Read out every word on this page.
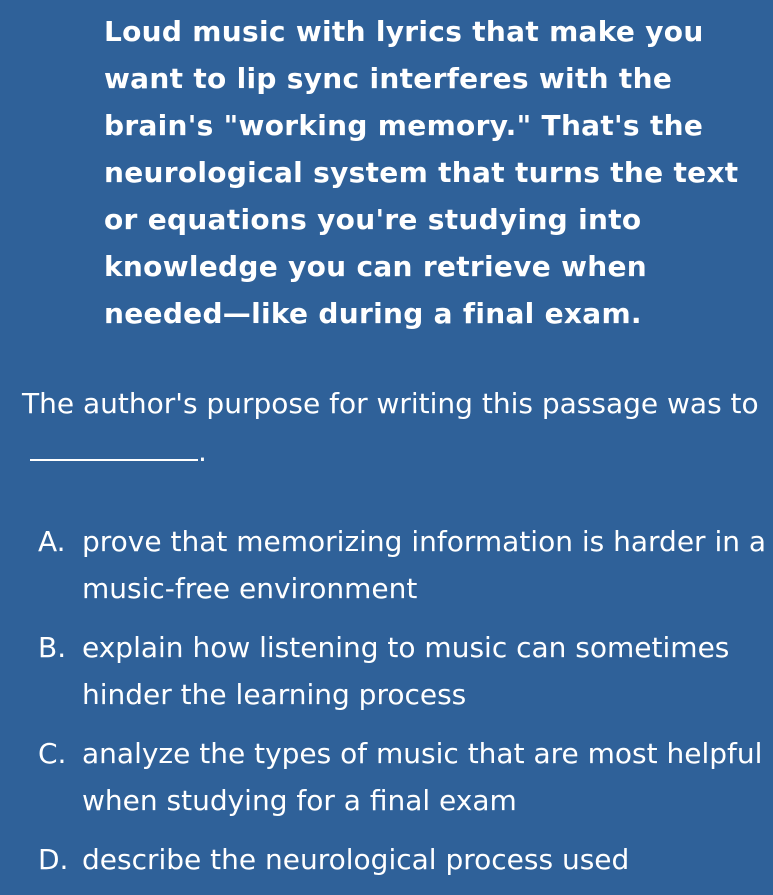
Loud music with lyrics that make you want to lip sync interferes with the brain's "working memory." That's the neurological system that turns the text or equations you're studying into knowledge you can retrieve when needed—like during a final exam.

The author's purpose for writing this passage was to.

A. prove that memorizing information is harder in a music-free environment
B. explain how listening to music can sometimes hinder the learning process
C. analyze the types of music that are most helpful when studying for a final exam
D. describe the neurological process used
